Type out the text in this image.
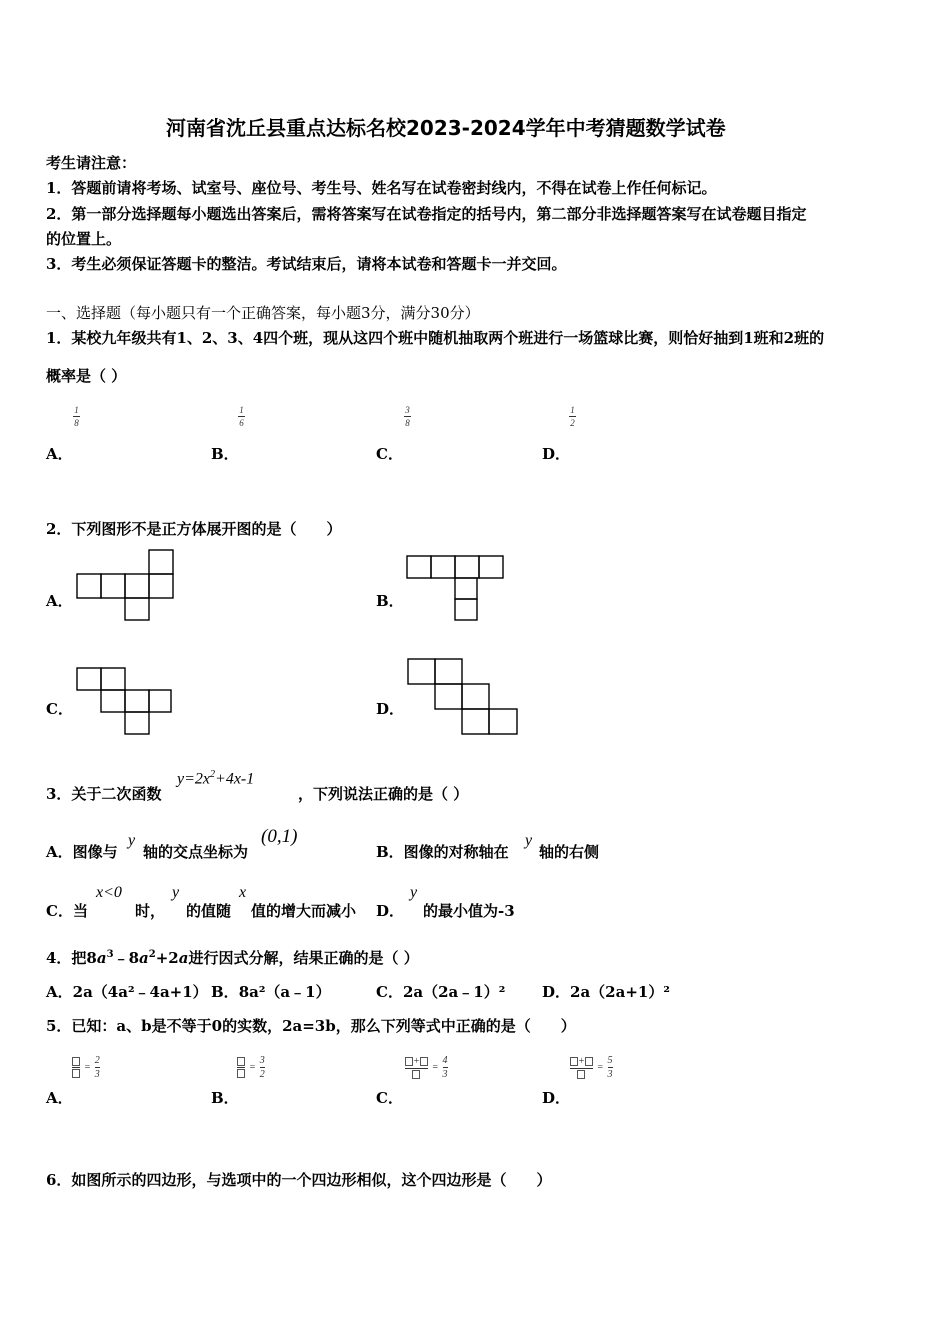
河南省沈丘县重点达标名校2023-2024学年中考猜题数学试卷
考生请注意：
1．答题前请将考场、试室号、座位号、考生号、姓名写在试卷密封线内，不得在试卷上作任何标记。
2．第一部分选择题每小题选出答案后，需将答案写在试卷指定的括号内，第二部分非选择题答案写在试卷题目指定
的位置上。
3．考生必须保证答题卡的整洁。考试结束后，请将本试卷和答题卡一并交回。
一、选择题（每小题只有一个正确答案，每小题3分，满分30分）
1．某校九年级共有1、2、3、4四个班，现从这四个班中随机抽取两个班进行一场篮球比赛，则恰好抽到1班和2班的
概率是（ ）
1
8
1
6
3
8
1
2
A．	B．	C．	D．
2．下列图形不是正方体展开图的是（　　）
A．	B．
C．	D．
3．关于二次函数
$y=2x^2+4x-1$
，下列说法正确的是（ ）
A．图像与
y
轴的交点坐标为
(0,1)
B．图像的对称轴在
y
轴的右侧
C．当
x<0
时，
y
的值随
x
值的增大而减小 D．
y
的最小值为-3
4．把$8a^3﹣8a^2+2a$进行因式分解，结果正确的是（ ）
A．2a（4a²﹣4a+1） B．8a²（a﹣1）	C．2a（2a﹣1）² D．2a（2a+1）²
5．已知：a、b是不等于0的实数，2a=3b，那么下列等式中正确的是（　　）
=
2
3
=
3
2
+
=
4
3
+
=
5
3
A．	B．	C．	D．
6．如图所示的四边形，与选项中的一个四边形相似，这个四边形是（　　）
